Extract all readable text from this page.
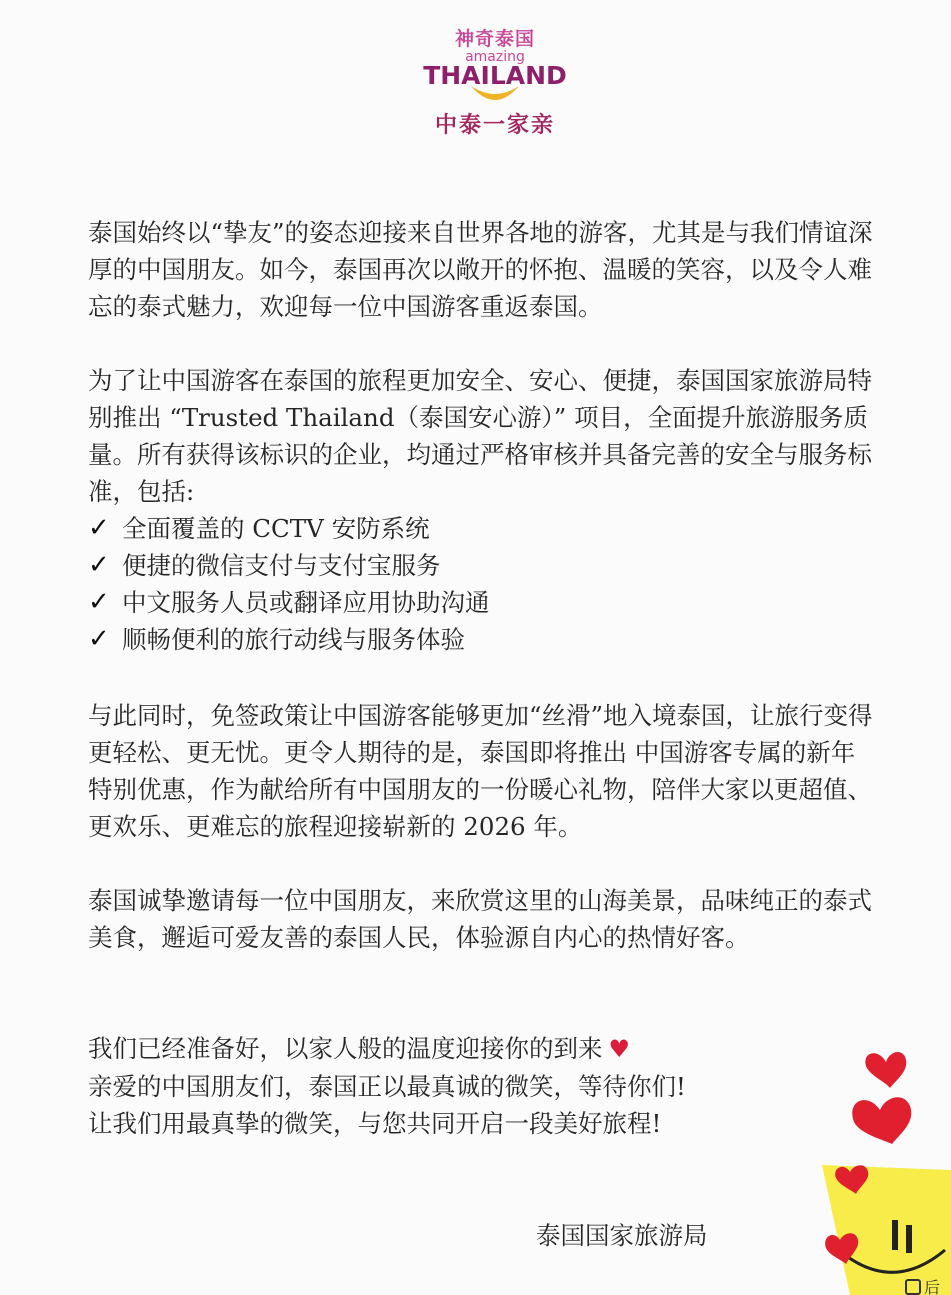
神奇泰国
amazing
THAILAND
中泰一家亲

泰国始终以“挚友”的姿态迎接来自世界各地的游客，尤其是与我们情谊深厚的中国朋友。如今，泰国再次以敞开的怀抱、温暖的笑容，以及令人难忘的泰式魅力，欢迎每一位中国游客重返泰国。

为了让中国游客在泰国的旅程更加安全、安心、便捷，泰国国家旅游局特别推出 “Trusted Thailand（泰国安心游）” 项目，全面提升旅游服务质量。所有获得该标识的企业，均通过严格审核并具备完善的安全与服务标准，包括:

✓ 全面覆盖的 CCTV 安防系统
✓ 便捷的微信支付与支付宝服务
✓ 中文服务人员或翻译应用协助沟通
✓ 顺畅便利的旅行动线与服务体验

与此同时，免签政策让中国游客能够更加“丝滑”地入境泰国，让旅行变得更轻松、更无忧。更令人期待的是，泰国即将推出 中国游客专属的新年特别优惠，作为献给所有中国朋友的一份暖心礼物，陪伴大家以更超值、更欢乐、更难忘的旅程迎接崭新的 2026 年。

泰国诚挚邀请每一位中国朋友，来欣赏这里的山海美景，品味纯正的泰式美食，邂逅可爱友善的泰国人民，体验源自内心的热情好客。

我们已经准备好，以家人般的温度迎接你的到来 ♥
亲爱的中国朋友们，泰国正以最真诚的微笑，等待你们!
让我们用最真挚的微笑，与您共同开启一段美好旅程!
泰国国家旅游局
后
